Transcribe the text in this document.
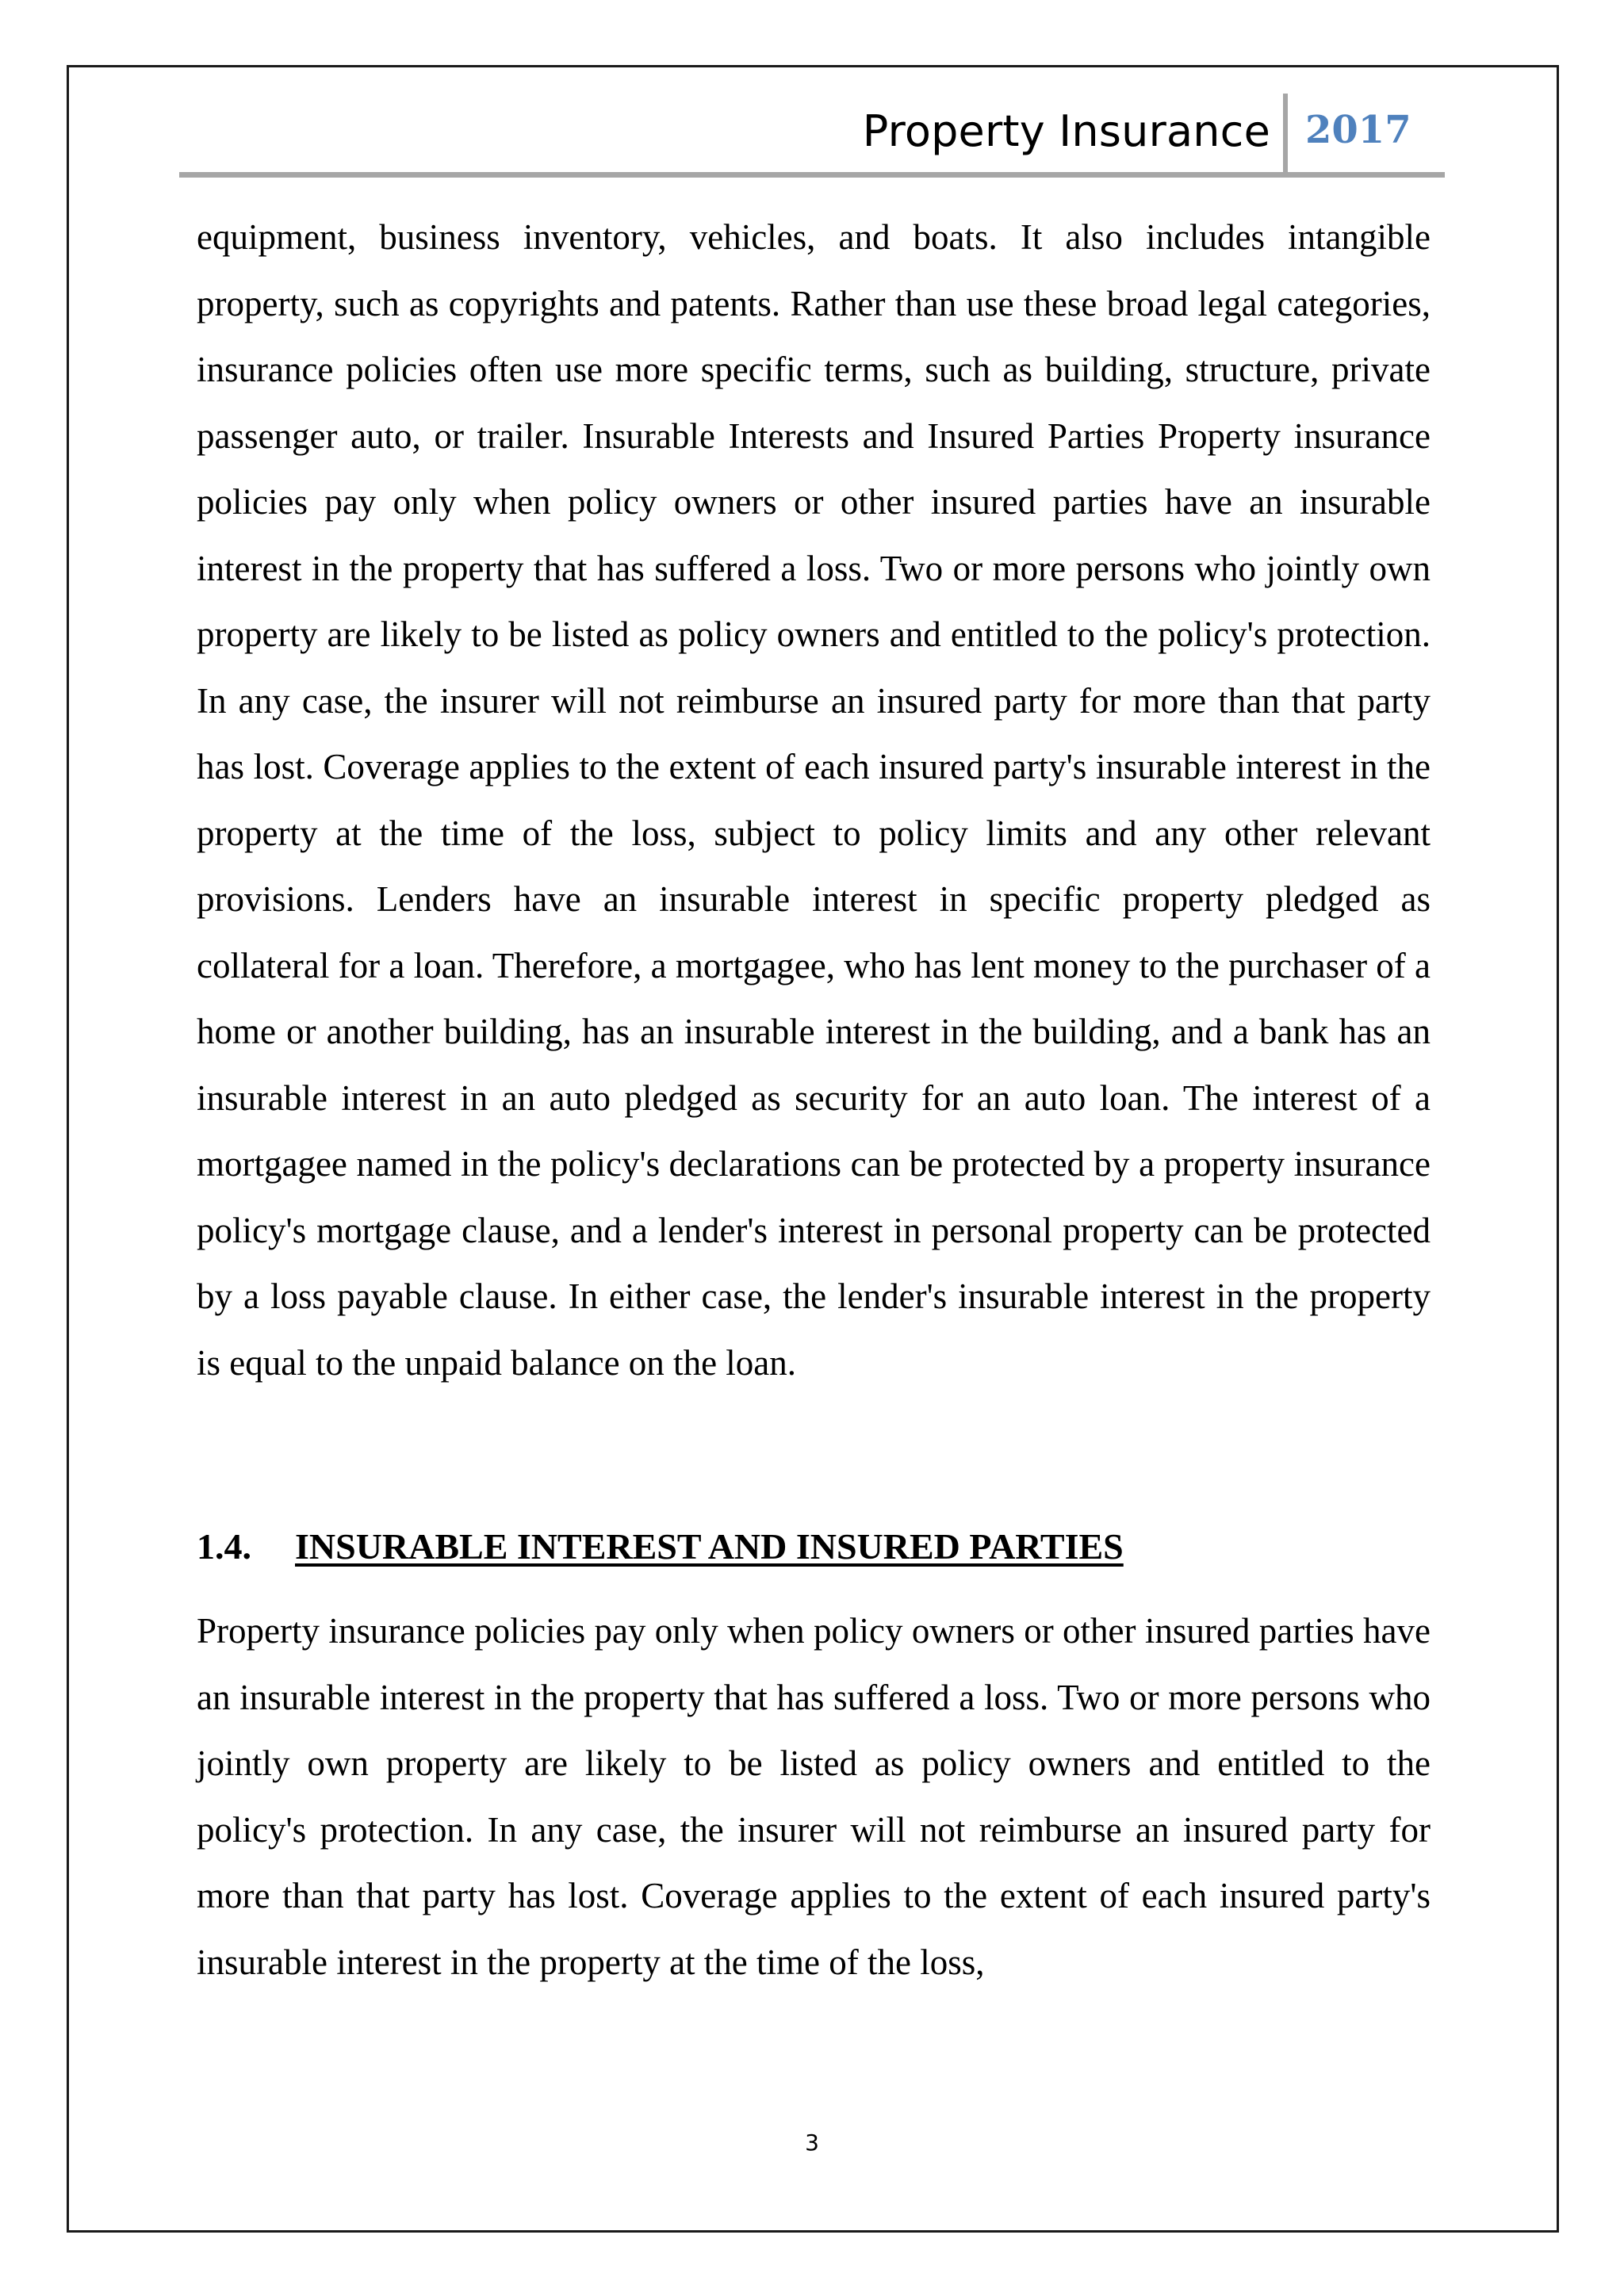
Property Insurance 2017

equipment, business inventory, vehicles, and boats. It also includes intangible property, such as copyrights and patents. Rather than use these broad legal categories, insurance policies often use more specific terms, such as building, structure, private passenger auto, or trailer. Insurable Interests and Insured Parties Property insurance policies pay only when policy owners or other insured parties have an insurable interest in the property that has suffered a loss. Two or more persons who jointly own property are likely to be listed as policy owners and entitled to the policy's protection. In any case, the insurer will not reimburse an insured party for more than that party has lost. Coverage applies to the extent of each insured party's insurable interest in the property at the time of the loss, subject to policy limits and any other relevant provisions. Lenders have an insurable interest in specific property pledged as collateral for a loan. Therefore, a mortgagee, who has lent money to the purchaser of a home or another building, has an insurable interest in the building, and a bank has an insurable interest in an auto pledged as security for an auto loan. The interest of a mortgagee named in the policy's declarations can be protected by a property insurance policy's mortgage clause, and a lender's interest in personal property can be protected by a loss payable clause. In either case, the lender's insurable interest in the property is equal to the unpaid balance on the loan.

1.4.	INSURABLE INTEREST AND INSURED PARTIES

Property insurance policies pay only when policy owners or other insured parties have an insurable interest in the property that has suffered a loss. Two or more persons who jointly own property are likely to be listed as policy owners and entitled to the policy's protection. In any case, the insurer will not reimburse an insured party for more than that party has lost. Coverage applies to the extent of each insured party's insurable interest in the property at the time of the loss,

3
